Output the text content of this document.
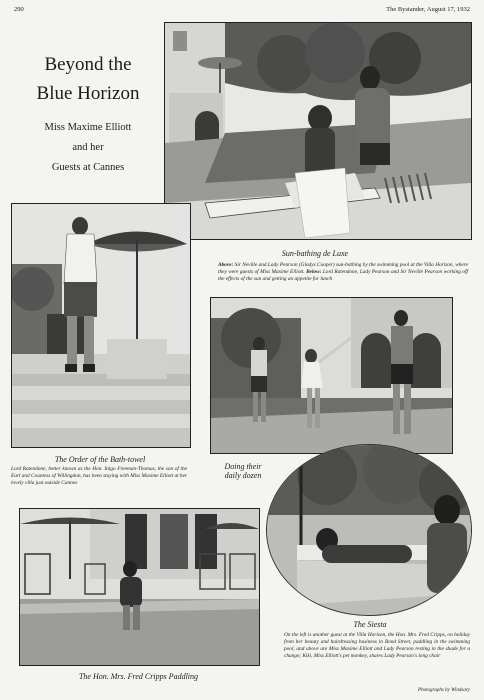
290	The Bystander, August 17, 1932
Beyond the
Blue Horizon
Miss Maxime Elliott
and her
Guests at Cannes
Sun-bathing de Luxe
Above: Sir Neville and Lady Pearson (Gladys Cooper) sun-bathing by the swimming pool at the Villa Horizon, where they were guests of Miss Maxime Elliott. Below: Lord Ratendone, Lady Pearson and Sir Neville Pearson working off the effects of the sun and getting an appetite for lunch
The Order of the Bath-towel
Lord Ratendone, better known as the Hon. Inigo Freeman-Thomas, the son of the Earl and Countess of Willingdon, has been staying with Miss Maxime Elliott at her lovely villa just outside Cannes
Doing their
daily dozen
The Hon. Mrs. Fred Cripps Paddling
The Siesta
On the left is another guest at the Villa Horizon, the Hon. Mrs. Fred Cripps, on holiday from her beauty and hairdressing business in Bond Street, paddling in the swimming pool, and above are Miss Maxime Elliott and Lady Pearson resting in the shade for a change; Kiki, Miss Elliott's pet monkey, shares Lady Pearson's long chair
Photographs by Windsary
